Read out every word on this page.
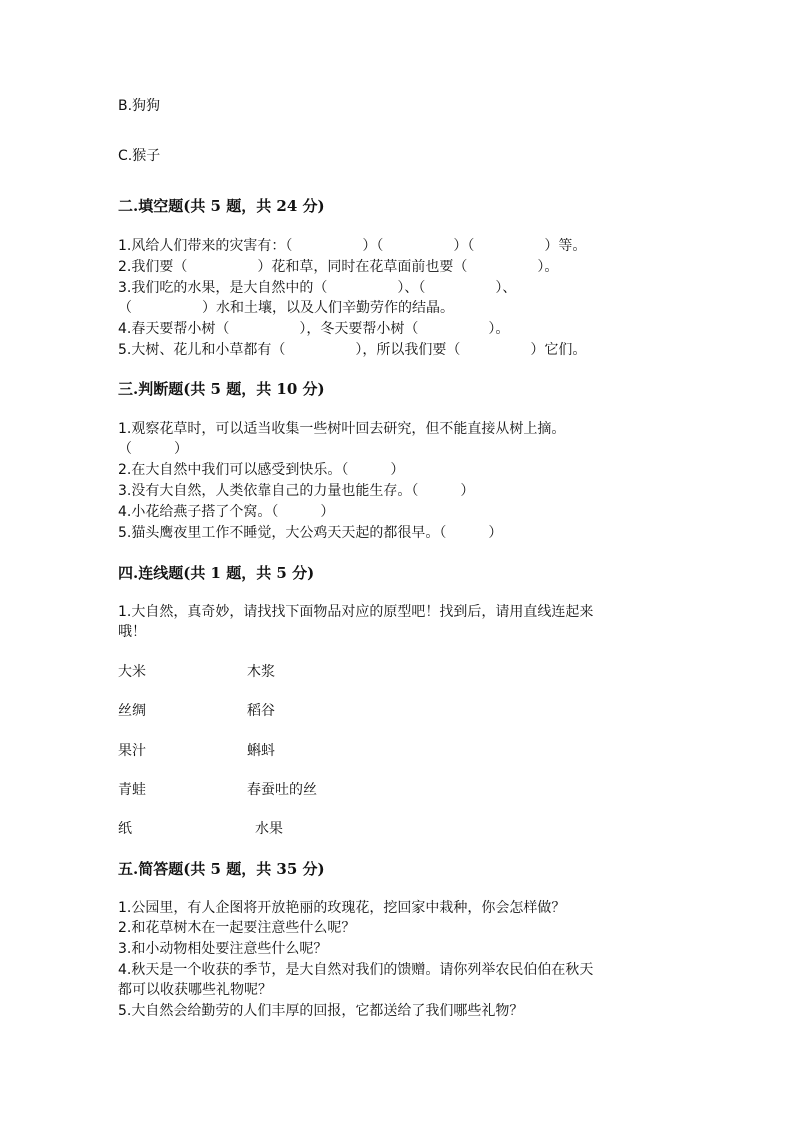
B.狗狗
C.猴子
二.填空题(共 5 题，共 24 分)
1.风给人们带来的灾害有：（　　　　　）（　　　　　）（　　　　　）等。
2.我们要（　　　　　）花和草，同时在花草面前也要（　　　　　）。
3.我们吃的水果，是大自然中的（　　　　　）、（　　　　　）、
（　　　　　）水和土壤，以及人们辛勤劳作的结晶。
4.春天要帮小树（　　　　　），冬天要帮小树（　　　　　）。
5.大树、花儿和小草都有（　　　　　），所以我们要（　　　　　）它们。
三.判断题(共 5 题，共 10 分)
1.观察花草时，可以适当收集一些树叶回去研究，但不能直接从树上摘。
（　　　）
2.在大自然中我们可以感受到快乐。（　　　）
3.没有大自然，人类依靠自己的力量也能生存。（　　　）
4.小花给燕子搭了个窝。（　　　）
5.猫头鹰夜里工作不睡觉，大公鸡天天起的都很早。（　　　）
四.连线题(共 1 题，共 5 分)
1.大自然，真奇妙，请找找下面物品对应的原型吧！找到后，请用直线连起来
哦！
大米	木浆
丝绸	稻谷
果汁	蝌蚪
青蛙	春蚕吐的丝
纸	水果
五.简答题(共 5 题，共 35 分)
1.公园里，有人企图将开放艳丽的玫瑰花，挖回家中栽种，你会怎样做？
2.和花草树木在一起要注意些什么呢？
3.和小动物相处要注意些什么呢？
4.秋天是一个收获的季节，是大自然对我们的馈赠。请你列举农民伯伯在秋天
都可以收获哪些礼物呢？
5.大自然会给勤劳的人们丰厚的回报，它都送给了我们哪些礼物？
